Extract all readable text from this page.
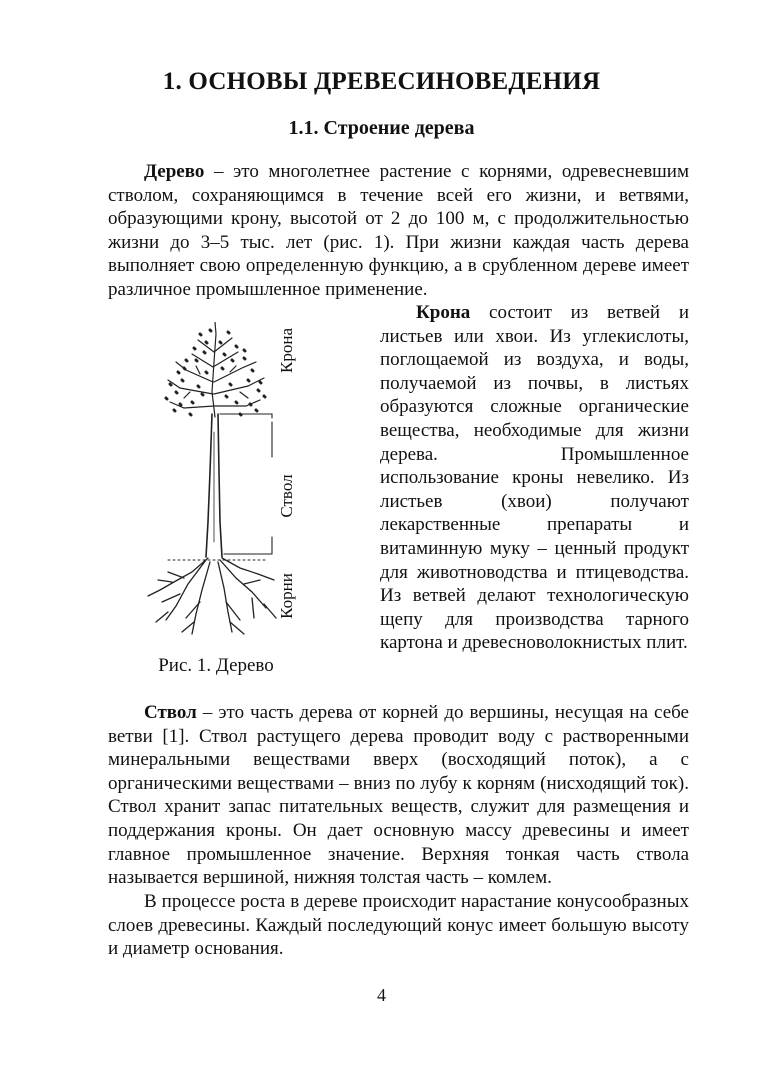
1. ОСНОВЫ ДРЕВЕСИНОВЕДЕНИЯ
1.1. Строение дерева

Дерево – это многолетнее растение с корнями, одревесневшим стволом, сохраняющимся в течение всей его жизни, и ветвями, образующими крону, высотой от 2 до 100 м, с продолжительностью жизни до 3–5 тыс. лет (рис. 1). При жизни каждая часть дерева выполняет свою определенную функцию, а в срубленном дереве имеет различное промышленное применение.

Крона
Ствол
Корни

Рис. 1. Дерево

Крона состоит из ветвей и листьев или хвои. Из углекислоты, поглощаемой из воздуха, и воды, получаемой из почвы, в листьях образуются сложные органические вещества, необходимые для жизни дерева. Промышленное использование кроны невелико. Из листьев (хвои) получают лекарственные препараты и витаминную муку – ценный продукт для животноводства и птицеводства. Из ветвей делают технологическую щепу для производства тарного картона и древесноволокнистых плит.

Ствол – это часть дерева от корней до вершины, несущая на себе ветви [1]. Ствол растущего дерева проводит воду с растворенными минеральными веществами вверх (восходящий поток), а с органическими веществами – вниз по лубу к корням (нисходящий ток). Ствол хранит запас питательных веществ, служит для размещения и поддержания кроны. Он дает основную массу древесины и имеет главное промышленное значение. Верхняя тонкая часть ствола называется вершиной, нижняя толстая часть – комлем.

В процессе роста в дереве происходит нарастание конусообразных слоев древесины. Каждый последующий конус имеет большую высоту и диаметр основания.

4
